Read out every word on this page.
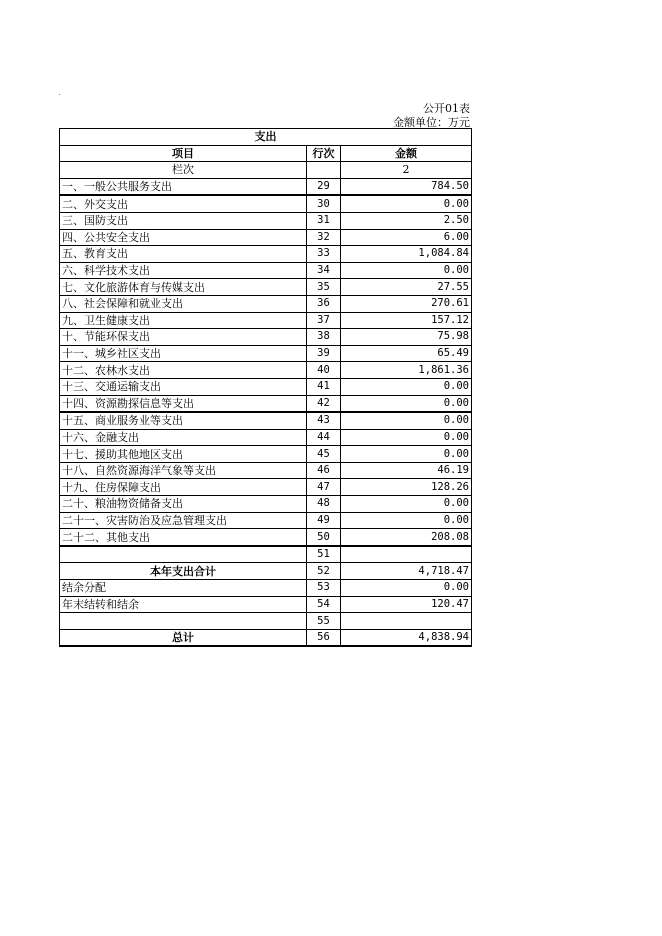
.
公开01表
金额单位：万元
支出		
项目	行次	金额
栏次		2
一、一般公共服务支出	29	784.50
二、外交支出	30	0.00
三、国防支出	31	2.50
四、公共安全支出	32	6.00
五、教育支出	33	1,084.84
六、科学技术支出	34	0.00
七、文化旅游体育与传媒支出	35	27.55
八、社会保障和就业支出	36	270.61
九、卫生健康支出	37	157.12
十、节能环保支出	38	75.98
十一、城乡社区支出	39	65.49
十二、农林水支出	40	1,861.36
十三、交通运输支出	41	0.00
十四、资源勘探信息等支出	42	0.00
十五、商业服务业等支出	43	0.00
十六、金融支出	44	0.00
十七、援助其他地区支出	45	0.00
十八、自然资源海洋气象等支出	46	46.19
十九、住房保障支出	47	128.26
二十、粮油物资储备支出	48	0.00
二十一、灾害防治及应急管理支出	49	0.00
二十二、其他支出	50	208.08
	51	
本年支出合计	52	4,718.47
结余分配	53	0.00
年末结转和结余	54	120.47
	55	
总计	56	4,838.94
